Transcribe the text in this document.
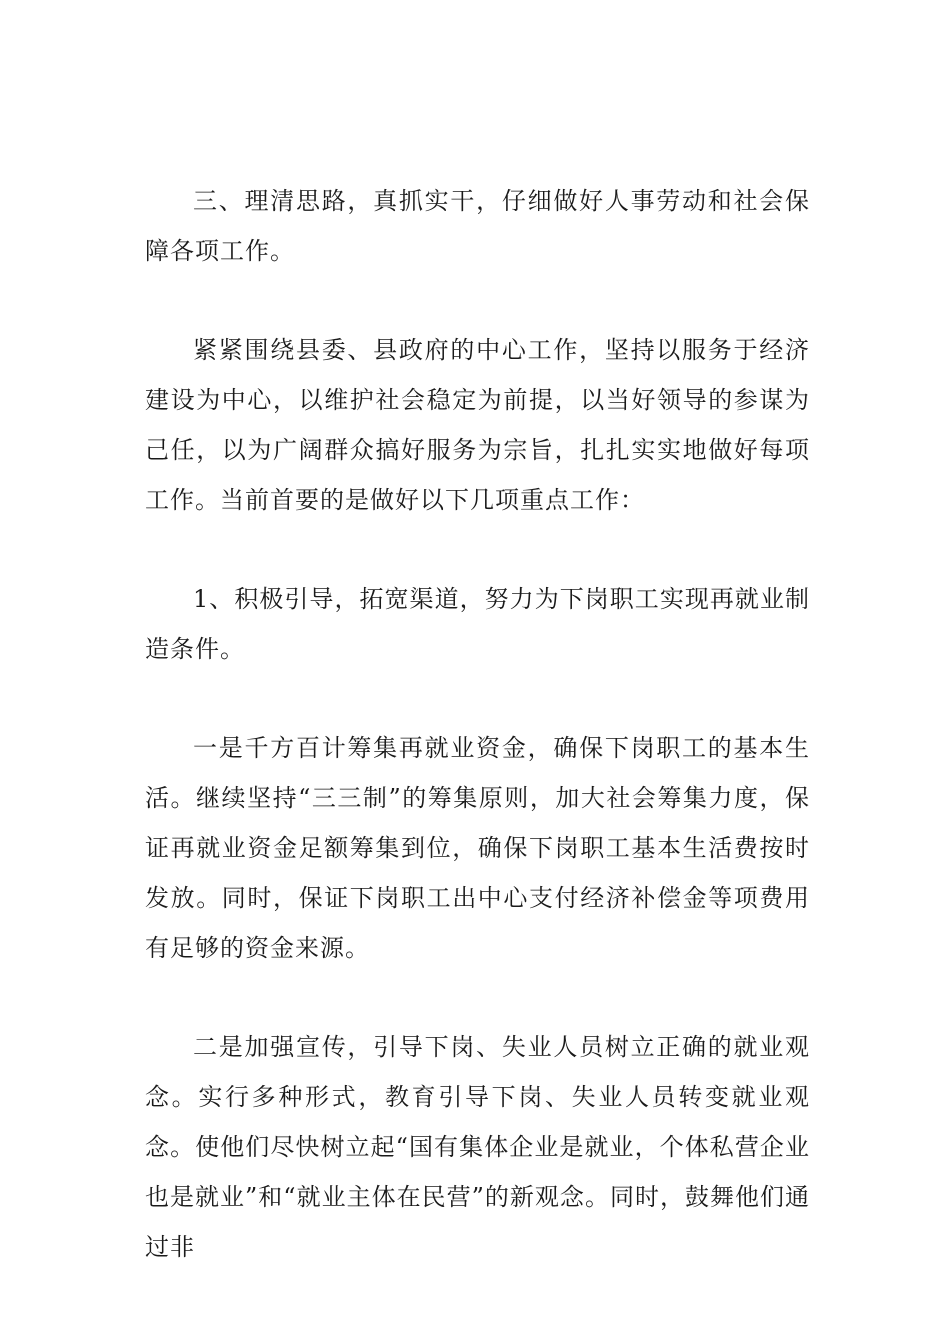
三、理清思路，真抓实干，仔细做好人事劳动和社会保障各项工作。

紧紧围绕县委、县政府的中心工作，坚持以服务于经济建设为中心，以维护社会稳定为前提，以当好领导的参谋为己任，以为广阔群众搞好服务为宗旨，扎扎实实地做好每项工作。当前首要的是做好以下几项重点工作：

1、积极引导，拓宽渠道，努力为下岗职工实现再就业制造条件。

一是千方百计筹集再就业资金，确保下岗职工的基本生活。继续坚持“三三制”的筹集原则，加大社会筹集力度，保证再就业资金足额筹集到位，确保下岗职工基本生活费按时发放。同时，保证下岗职工出中心支付经济补偿金等项费用有足够的资金来源。

二是加强宣传，引导下岗、失业人员树立正确的就业观念。实行多种形式，教育引导下岗、失业人员转变就业观念。使他们尽快树立起“国有集体企业是就业，个体私营企业也是就业”和“就业主体在民营”的新观念。同时，鼓舞他们通过非
